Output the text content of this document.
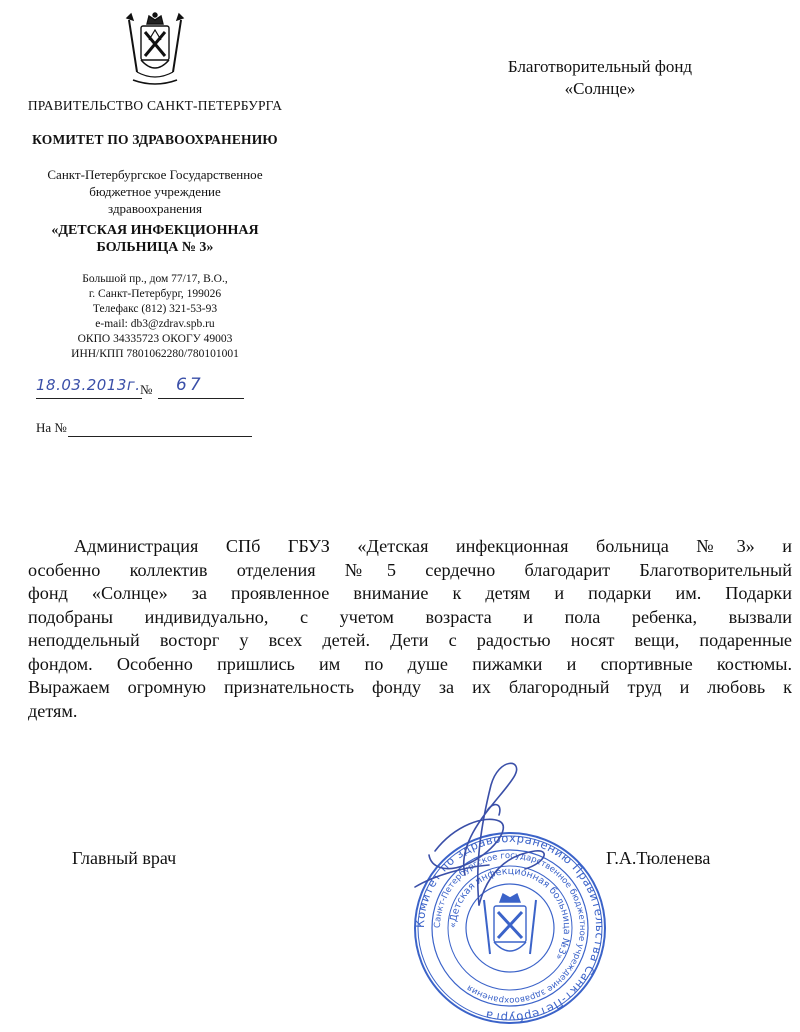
ПРАВИТЕЛЬСТВО САНКТ-ПЕТЕРБУРГА
КОМИТЕТ ПО ЗДРАВООХРАНЕНИЮ
Санкт-Петербургское Государственное
бюджетное учреждение
здравоохранения
«ДЕТСКАЯ ИНФЕКЦИОННАЯ
БОЛЬНИЦА № 3»
Большой пр., дом 77/17, В.О.,
г. Санкт-Петербург, 199026
Телефакс (812) 321-53-93
e-mail: db3@zdrav.spb.ru
ОКПО 34335723 ОКОГУ 49003
ИНН/КПП 7801062280/780101001
18.03.2013г. № 67
На №
Благотворительный фонд
«Солнце»
Администрация СПб ГБУЗ «Детская инфекционная больница №3» и
особенно коллектив отделения №5 сердечно благодарит Благотворительный
фонд «Солнце» за проявленное внимание к детям и подарки им. Подарки
подобраны индивидуально, с учетом возраста и пола ребенка, вызвали
неподдельный восторг у всех детей. Дети с радостью носят вещи, подаренные
фондом. Особенно пришлись им по душе пижамки и спортивные костюмы.
Выражаем огромную признательность фонду за их благородный труд и любовь к
детям.
Главный врач	Г.А.Тюленева
Комитет по здравоохранению Правительства Санкт-Петербурга
Санкт-Петербургское государственное бюджетное учреждение здравоохранения
«Детская инфекционная больница №3»
